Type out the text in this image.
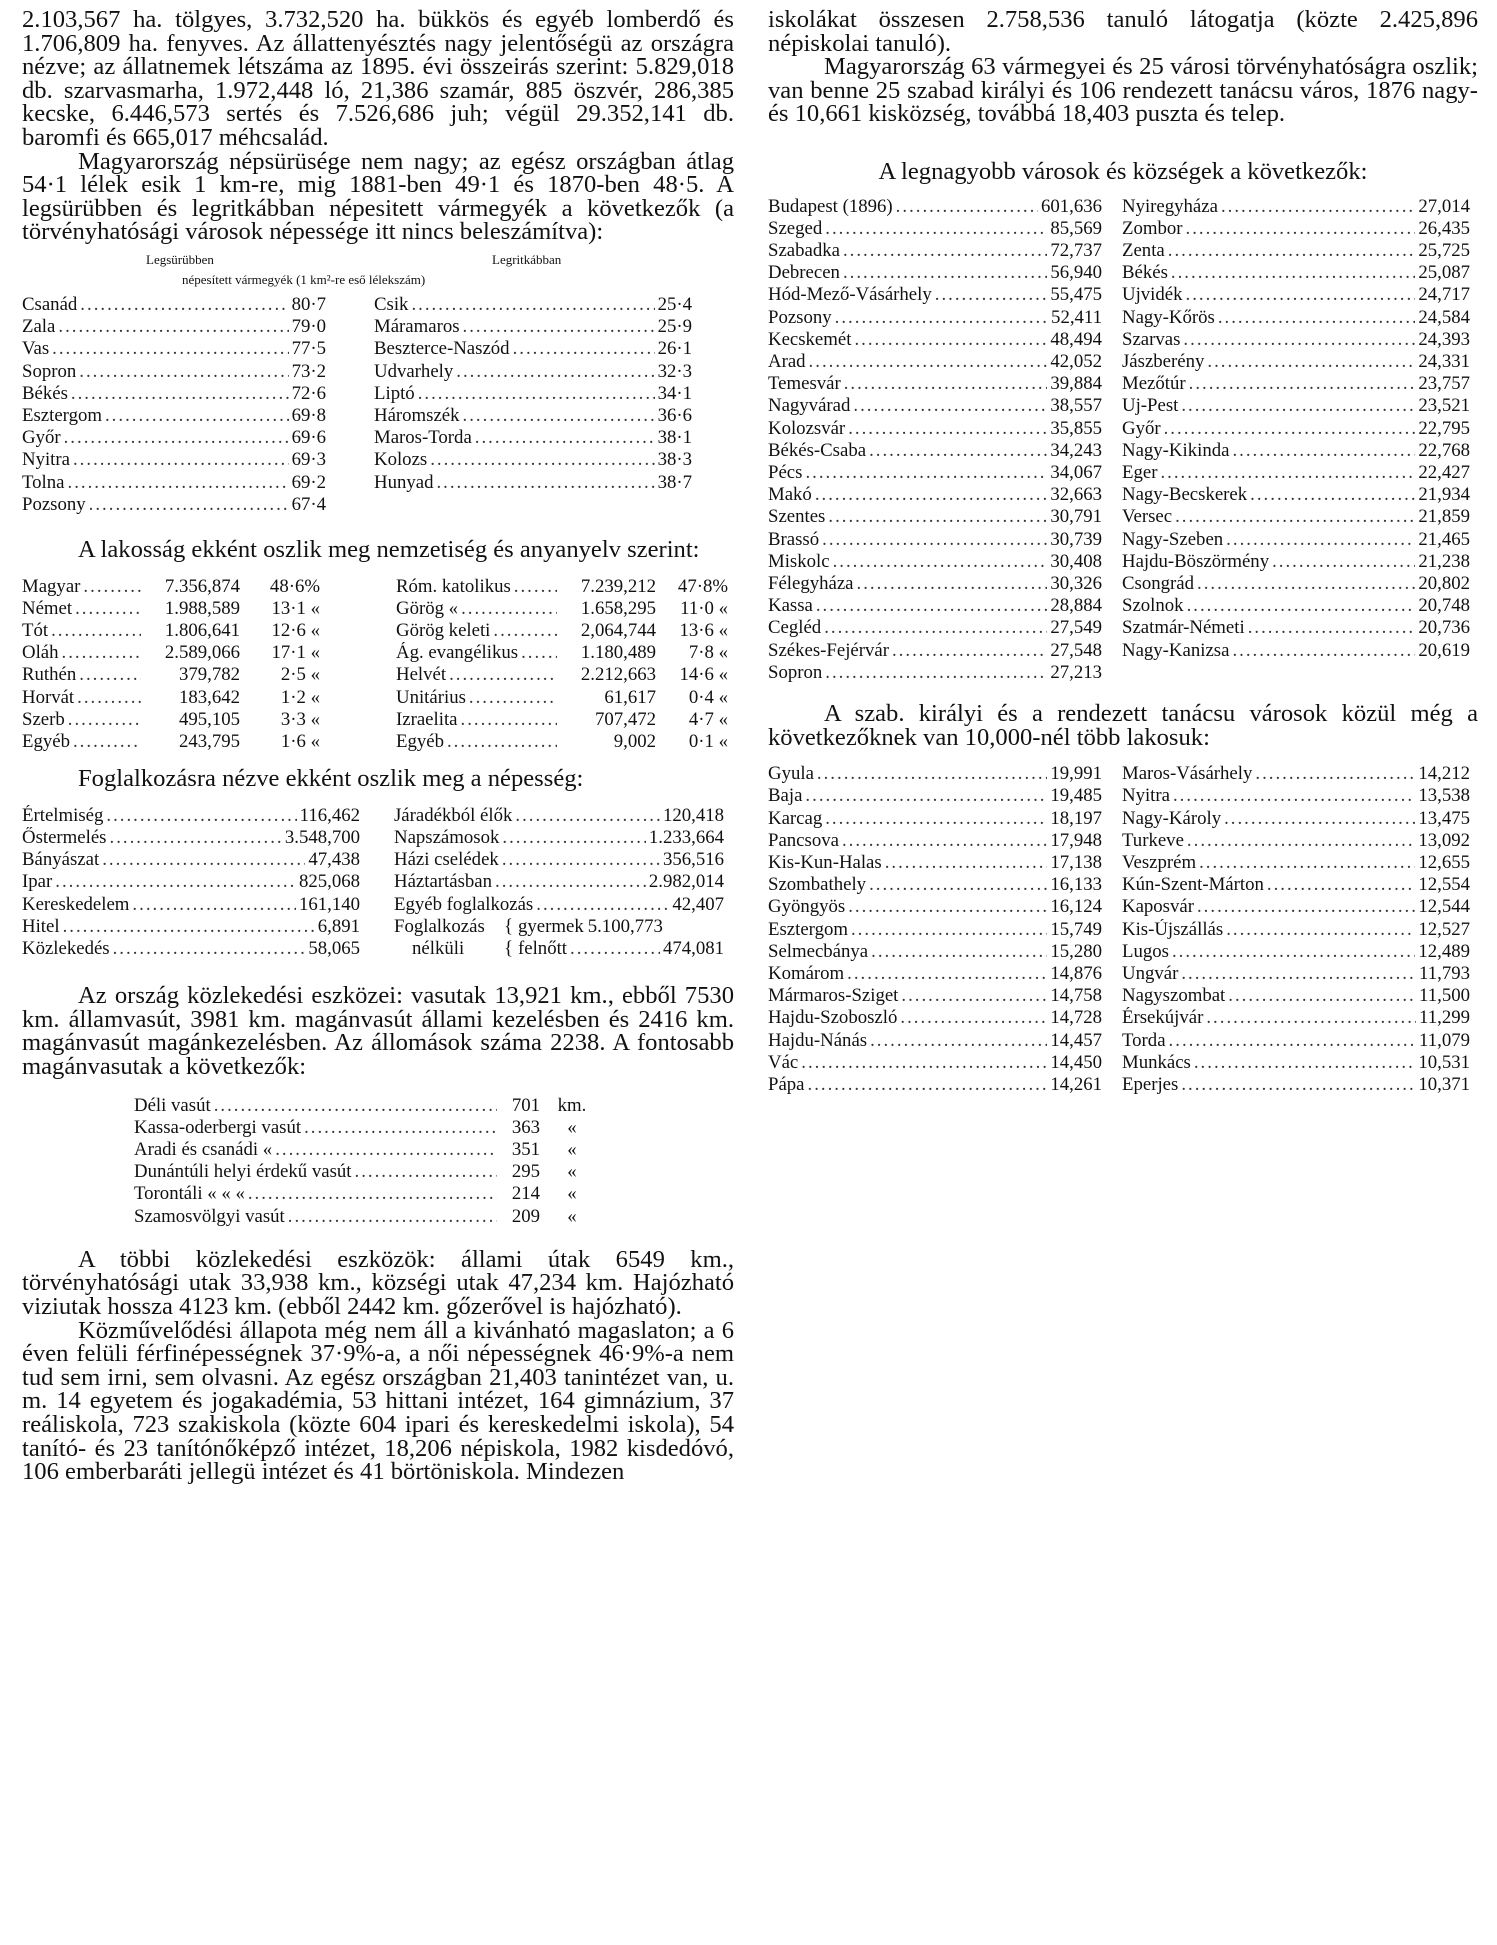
2.103,567 ha. tölgyes, 3.732,520 ha. bükkös és egyéb lomberdő és 1.706,809 ha. fenyves. Az állattenyésztés nagy jelentőségü az országra nézve; az állatnemek létszáma az 1895. évi összeirás szerint: 5.829,018 db. szarvasmarha, 1.972,448 ló, 21,386 szamár, 885 öszvér, 286,385 kecske, 6.446,573 sertés és 7.526,686 juh; végül 29.352,141 db. baromfi és 665,017 méhcsalád.

Magyarország népsürüsége nem nagy; az egész országban átlag 54·1 lélek esik 1 km-re, mig 1881-ben 49·1 és 1870-ben 48·5. A legsürübben és legritkábban népesitett vármegyék a következők (a törvényhatósági városok népessége itt nincs beleszámítva):

Legsürübben	Legritkábban
népesített vármegyék (1 km²-re eső lélekszám)
Csanád .....	80·7
Zala .....	79·0
Vas .....	77·5
Sopron .....	73·2
Békés .....	72·6
Esztergom .....	69·8
Győr .....	69·6
Nyitra .....	69·3
Tolna .....	69·2
Pozsony .....	67·4
Csik .....	25·4
Máramaros .....	25·9
Beszterce-Naszód .....	26·1
Udvarhely .....	32·3
Liptó .....	34·1
Háromszék .....	36·6
Maros-Torda .....	38·1
Kolozs .....	38·3
Hunyad .....	38·7

A lakosság ekként oszlik meg nemzetiség és anyanyelv szerint:

Magyar .....	7.356,874	48·6%
Német .....	1.988,589	13·1 «
Tót .....	1.806,641	12·6 «
Oláh .....	2.589,066	17·1 «
Ruthén .....	379,782	2·5 «
Horvát .....	183,642	1·2 «
Szerb .....	495,105	3·3 «
Egyéb .....	243,795	1·6 «
Róm. katolikus .....	7.239,212	47·8%
Görög « .....	1.658,295	11·0 «
Görög keleti .....	2,064,744	13·6 «
Ág. evangélikus .....	1.180,489	7·8 «
Helvét .....	2.212,663	14·6 «
Unitárius .....	61,617	0·4 «
Izraelita .....	707,472	4·7 «
Egyéb .....	9,002	0·1 «

Foglalkozásra nézve ekként oszlik meg a népesség:

Értelmiség .....	116,462
Őstermelés .....	3.548,700
Bányászat .....	47,438
Ipar .....	825,068
Kereskedelem .....	161,140
Hitel .....	6,891
Közlekedés .....	58,065
Járadékból élők .....	120,418
Napszámosok .....	1.233,664
Házi cselédek .....	356,516
Háztartásban .....	2.982,014
Egyéb foglalkozás .....	42,407
Foglalkozás	{ gyermek 5.100,773
nélküli	{ felnőtt .....	474,081

Az ország közlekedési eszközei: vasutak 13,921 km., ebből 7530 km. államvasút, 3981 km. magánvasút állami kezelésben és 2416 km. magánvasút magánkezelésben. Az állomások száma 2238. A fontosabb magánvasutak a következők:

Déli vasút .....	701 km.
Kassa-oderbergi vasút .....	363	«
Aradi és csanádi « .....	351	«
Dunántúli helyi érdekű vasút .....	295	«
Torontáli « « « .....	214	«
Szamosvölgyi vasút .....	209	«

A többi közlekedési eszközök: állami útak 6549 km., törvényhatósági utak 33,938 km., községi utak 47,234 km. Hajózható viziutak hossza 4123 km. (ebből 2442 km. gőzerővel is hajózható).

Közművelődési állapota még nem áll a kivánható magaslaton; a 6 éven felüli férfinépességnek 37·9%-a, a női népességnek 46·9%-a nem tud sem irni, sem olvasni. Az egész országban 21,403 tanintézet van, u. m. 14 egyetem és jogakadémia, 53 hittani intézet, 164 gimnázium, 37 reáliskola, 723 szakiskola (közte 604 ipari és kereskedelmi iskola), 54 tanító- és 23 tanítónőképző intézet, 18,206 népiskola, 1982 kisdedóvó, 106 emberbaráti jellegü intézet és 41 börtöniskola. Mindezen

iskolákat összesen 2.758,536 tanuló látogatja (közte 2.425,896 népiskolai tanuló).

Magyarország 63 vármegyei és 25 városi törvényhatóságra oszlik; van benne 25 szabad királyi és 106 rendezett tanácsu város, 1876 nagy- és 10,661 kisközség, továbbá 18,403 puszta és telep.

A legnagyobb városok és községek a következők:

Budapest (1896) .....	601,636
Szeged .....	85,569
Szabadka .....	72,737
Debrecen .....	56,940
Hód-Mező-Vásárhely .....	55,475
Pozsony .....	52,411
Kecskemét .....	48,494
Arad .....	42,052
Temesvár .....	39,884
Nagyvárad .....	38,557
Kolozsvár .....	35,855
Békés-Csaba .....	34,243
Pécs .....	34,067
Makó .....	32,663
Szentes .....	30,791
Brassó .....	30,739
Miskolc .....	30,408
Félegyháza .....	30,326
Kassa .....	28,884
Cegléd .....	27,549
Székes-Fejérvár .....	27,548
Sopron .....	27,213
Nyiregyháza .....	27,014
Zombor .....	26,435
Zenta .....	25,725
Békés .....	25,087
Ujvidék .....	24,717
Nagy-Kőrös .....	24,584
Szarvas .....	24,393
Jászberény .....	24,331
Mezőtúr .....	23,757
Uj-Pest .....	23,521
Győr .....	22,795
Nagy-Kikinda .....	22,768
Eger .....	22,427
Nagy-Becskerek .....	21,934
Versec .....	21,859
Nagy-Szeben .....	21,465
Hajdu-Böszörmény .....	21,238
Csongrád .....	20,802
Szolnok .....	20,748
Szatmár-Németi .....	20,736
Nagy-Kanizsa .....	20,619

A szab. királyi és a rendezett tanácsu városok közül még a következőknek van 10,000-nél több lakosuk:

Gyula .....	19,991
Baja .....	19,485
Karcag .....	18,197
Pancsova .....	17,948
Kis-Kun-Halas .....	17,138
Szombathely .....	16,133
Gyöngyös .....	16,124
Esztergom .....	15,749
Selmecbánya .....	15,280
Komárom .....	14,876
Mármaros-Sziget .....	14,758
Hajdu-Szoboszló .....	14,728
Hajdu-Nánás .....	14,457
Vác .....	14,450
Pápa .....	14,261
Maros-Vásárhely .....	14,212
Nyitra .....	13,538
Nagy-Károly .....	13,475
Turkeve .....	13,092
Veszprém .....	12,655
Kún-Szent-Márton .....	12,554
Kaposvár .....	12,544
Kis-Újszállás .....	12,527
Lugos .....	12,489
Ungvár .....	11,793
Nagyszombat .....	11,500
Érsekújvár .....	11,299
Torda .....	11,079
Munkács .....	10,531
Eperjes .....	10,371
